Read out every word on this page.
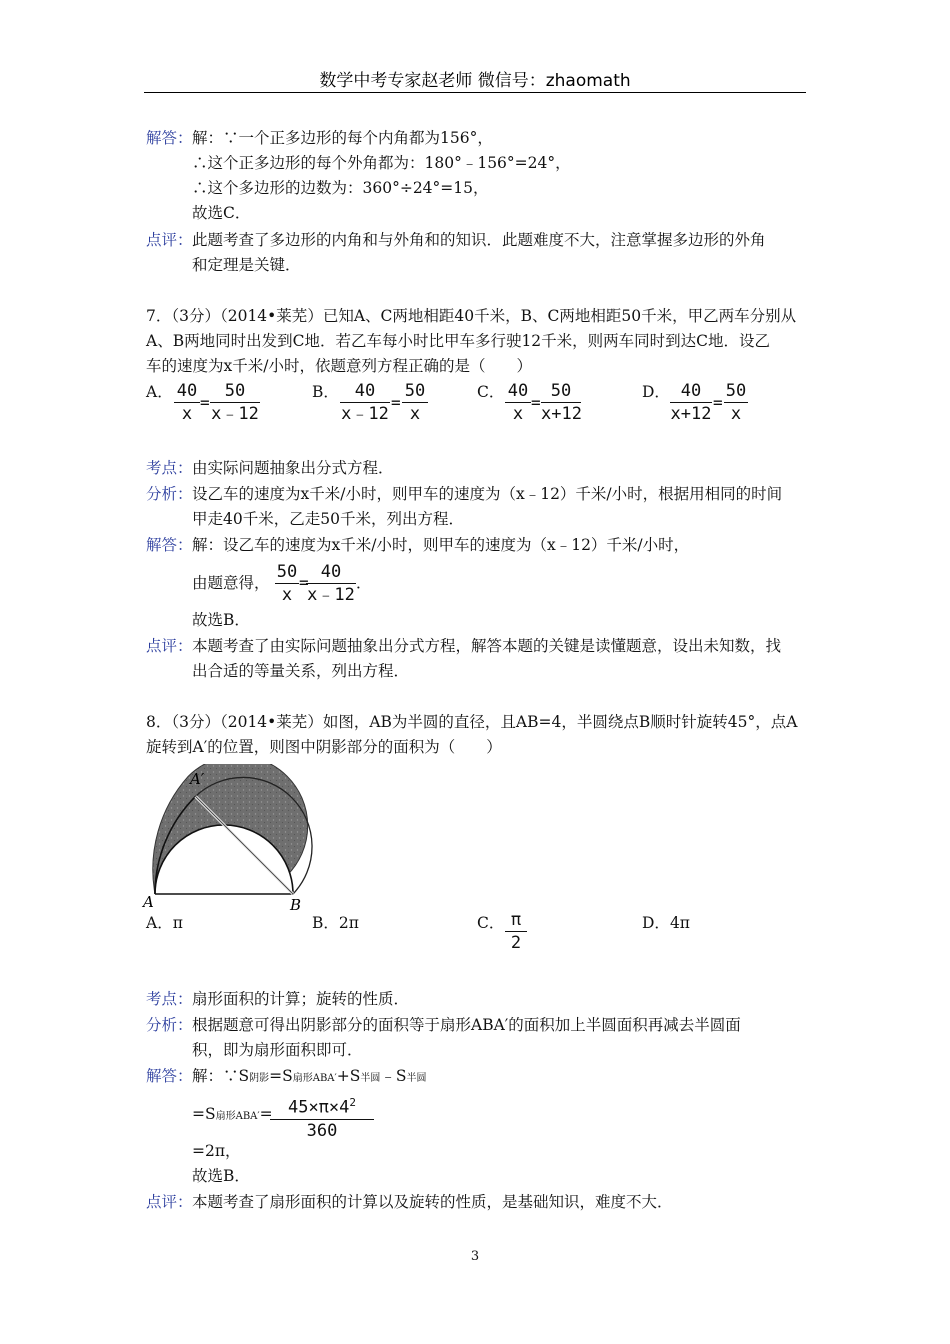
数学中考专家赵老师 微信号：zhaomath
解答： 解：∵一个正多边形的每个内角都为156°，
∴这个正多边形的每个外角都为：180°﹣156°=24°，
∴这个多边形的边数为：360°÷24°=15，
故选C．
点评： 此题考查了多边形的内角和与外角和的知识．此题难度不大，注意掌握多边形的外角
和定理是关键．
7．（3分）（2014•莱芜）已知A、C两地相距40千米，B、C两地相距50千米，甲乙两车分别从
A、B两地同时出发到C地．若乙车每小时比甲车多行驶12千米，则两车同时到达C地．设乙
车的速度为x千米/小时，依题意列方程正确的是（　　）
A． 40
x
=
50
x﹣12
B． 40
x﹣12
=
50
x
C． 40
x
=
50
x+12
D． 40
x+12
=
50
x
考点： 由实际问题抽象出分式方程．
分析： 设乙车的速度为x千米/小时，则甲车的速度为（x﹣12）千米/小时，根据用相同的时间
甲走40千米，乙走50千米，列出方程．
解答： 解：设乙车的速度为x千米/小时，则甲车的速度为（x﹣12）千米/小时，
由题意得，
50
x
=
40
x﹣12
．
故选B．
点评： 本题考查了由实际问题抽象出分式方程，解答本题的关键是读懂题意，设出未知数，找
出合适的等量关系，列出方程．
8．（3分）（2014•莱芜）如图，AB为半圆的直径，且AB=4，半圆绕点B顺时针旋转45°，点A
旋转到A′的位置，则图中阴影部分的面积为（　　）
A	B
A′
A．π	B．2π	C． π
2
D．4π
考点： 扇形面积的计算；旋转的性质．
分析： 根据题意可得出阴影部分的面积等于扇形ABA′的面积加上半圆面积再减去半圆面
积，即为扇形面积即可．
解答： 解：∵S阴影=S扇形ABA′+S半圆﹣S半圆
=S扇形$ABA'= 45\times\pi\times 4^2$
360
=2π，
故选B．
点评： 本题考查了扇形面积的计算以及旋转的性质，是基础知识，难度不大．
3
